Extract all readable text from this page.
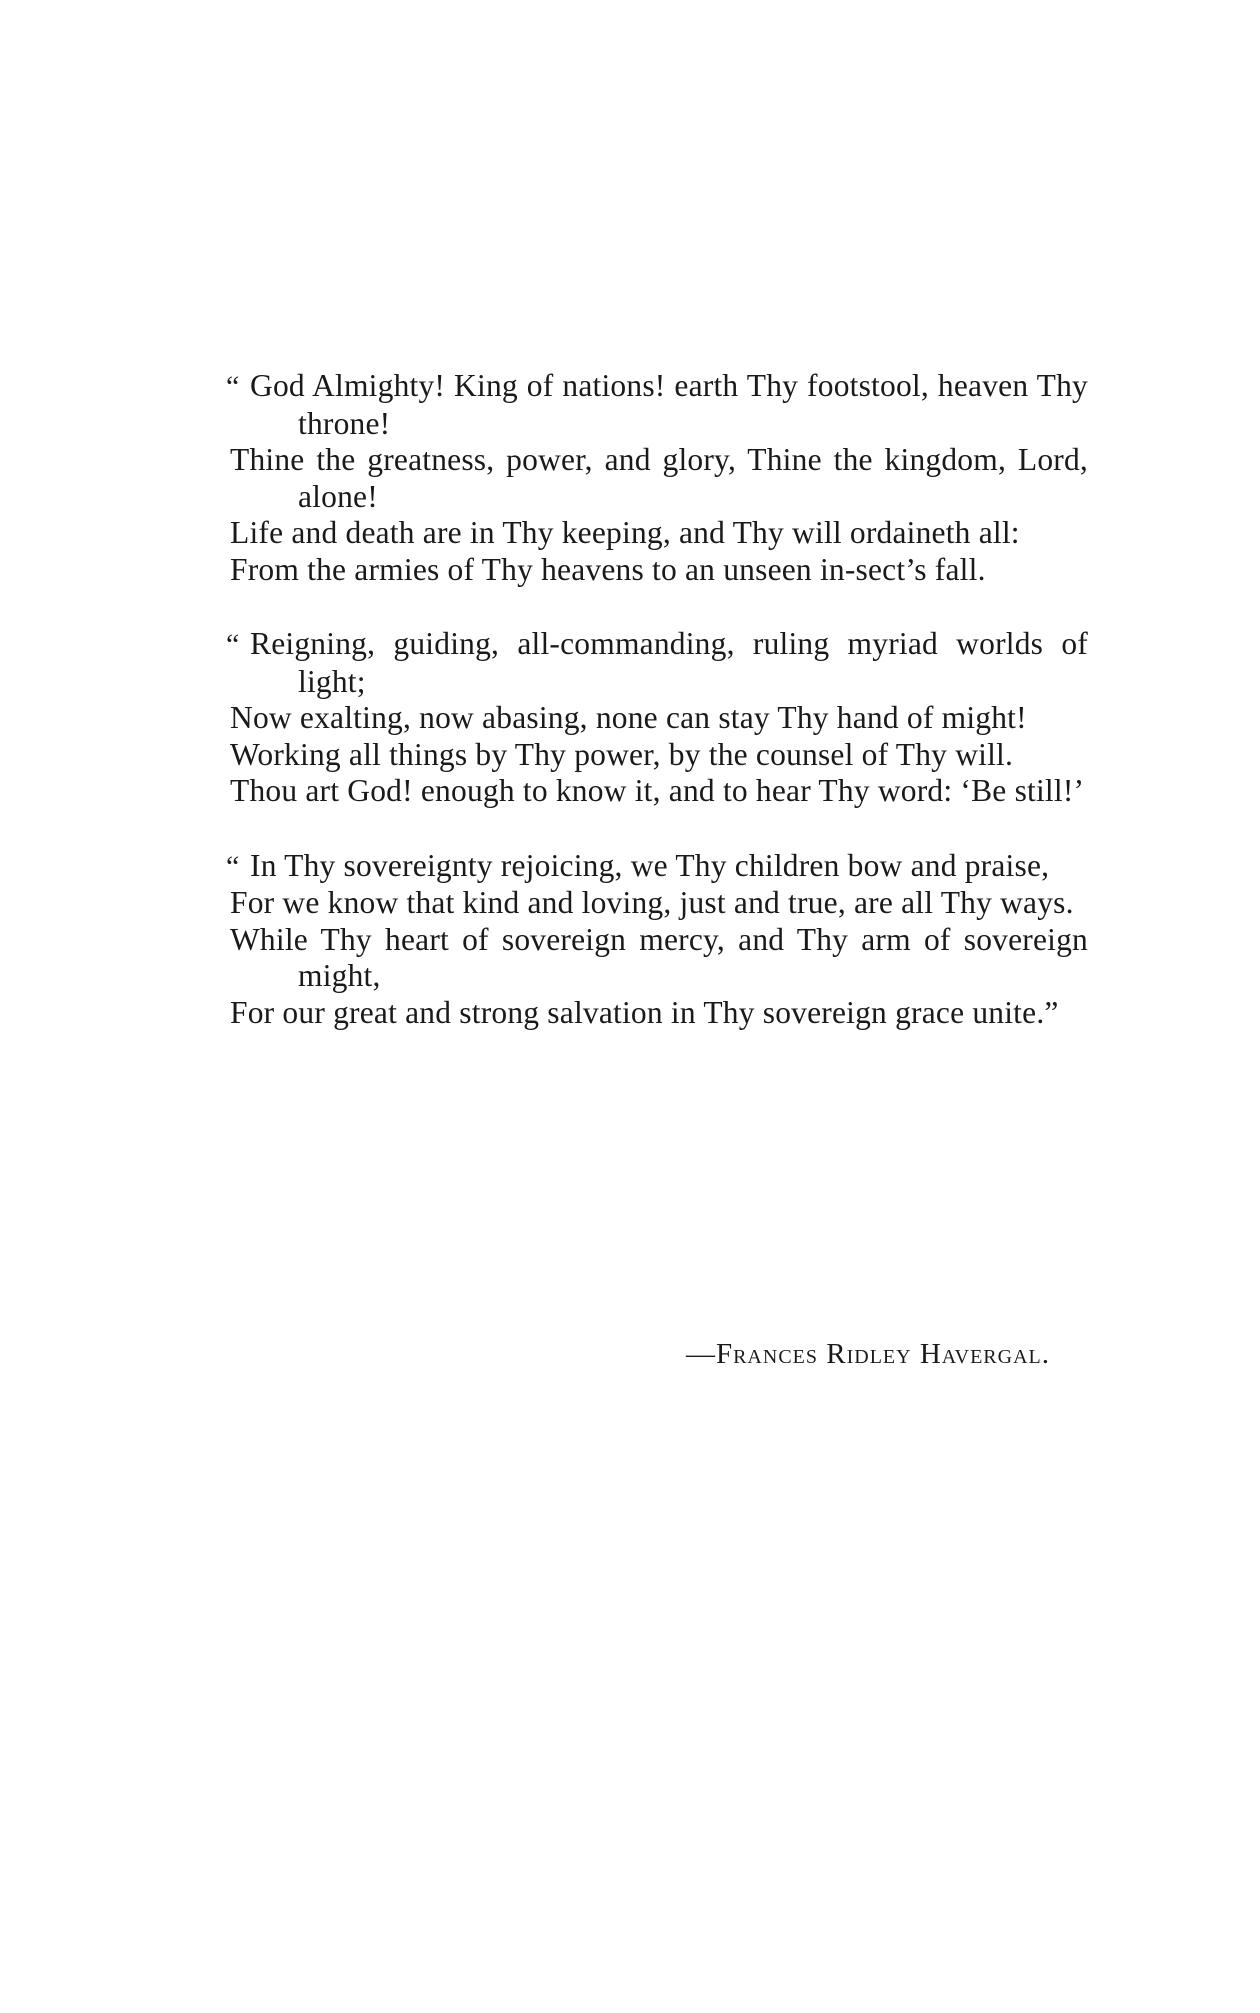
“ God Almighty! King of nations! earth Thy footstool, heaven Thy throne!
Thine the greatness, power, and glory, Thine the kingdom, Lord, alone!
Life and death are in Thy keeping, and Thy will ordaineth all:
From the armies of Thy heavens to an unseen in-sect’s fall.
“ Reigning, guiding, all-commanding, ruling myriad worlds of light;
Now exalting, now abasing, none can stay Thy hand of might!
Working all things by Thy power, by the counsel of Thy will.
Thou art God! enough to know it, and to hear Thy word: ‘Be still!’
“ In Thy sovereignty rejoicing, we Thy children bow and praise,
For we know that kind and loving, just and true, are all Thy ways.
While Thy heart of sovereign mercy, and Thy arm of sovereign might,
For our great and strong salvation in Thy sovereign grace unite.”
—Frances Ridley Havergal.
